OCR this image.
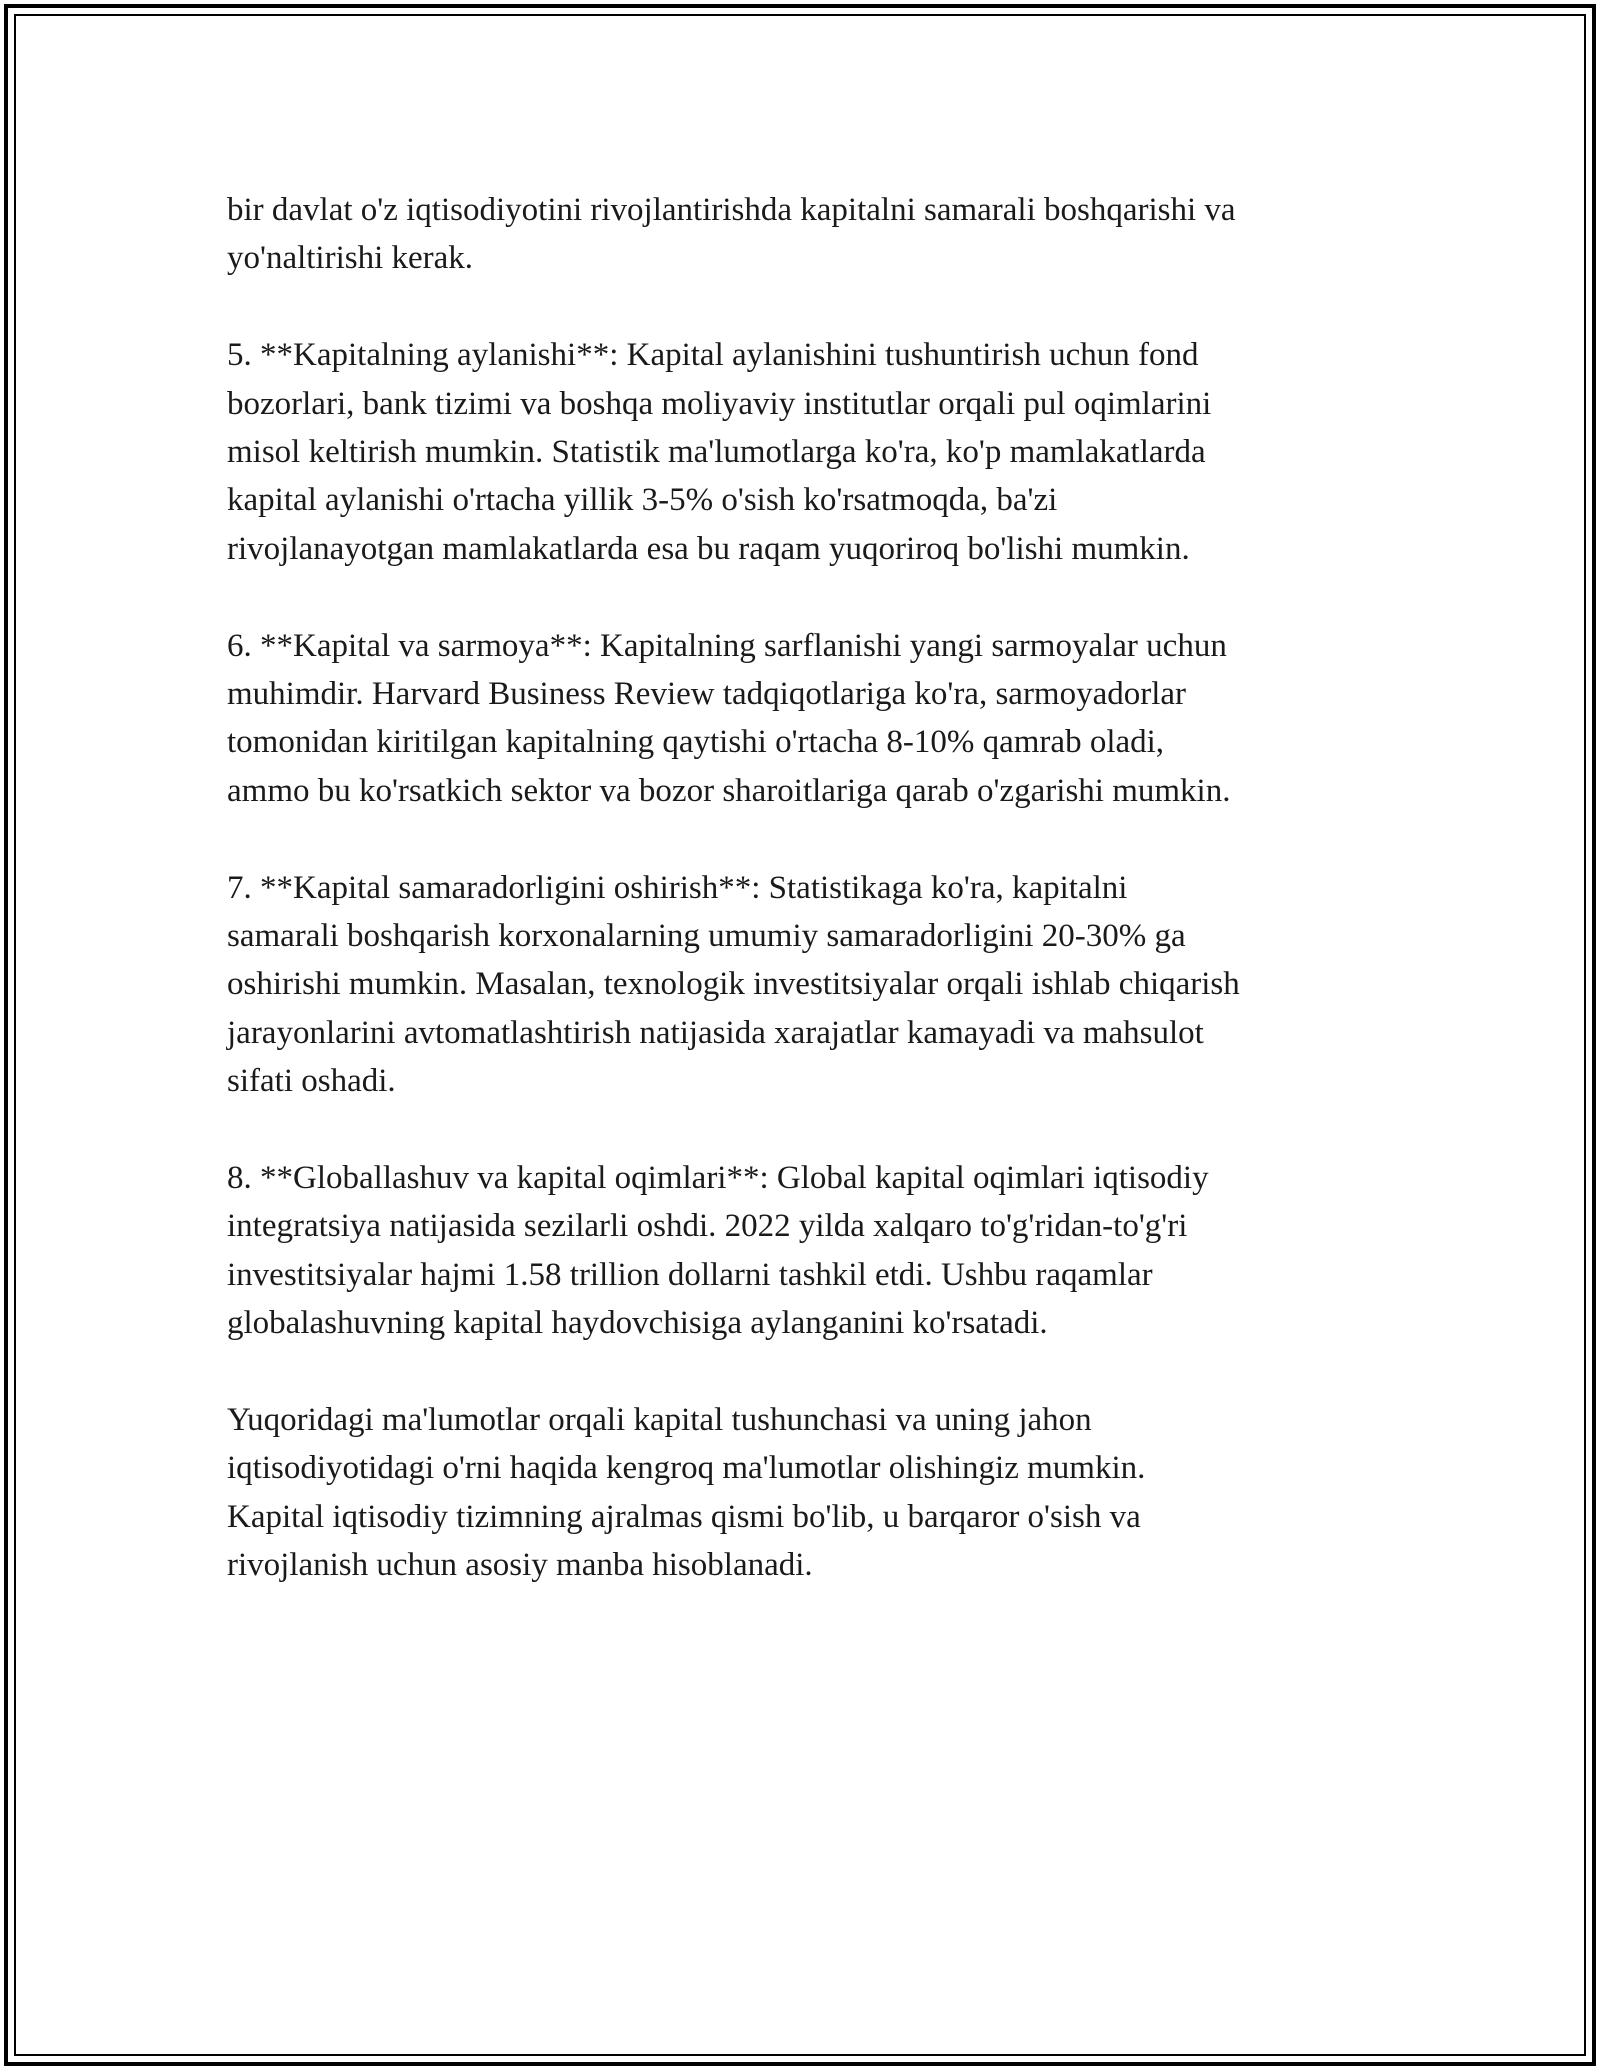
bir davlat o'z iqtisodiyotini rivojlantirishda kapitalni samarali boshqarishi va
yo'naltirishi kerak.

5. **Kapitalning aylanishi**: Kapital aylanishini tushuntirish uchun fond
bozorlari, bank tizimi va boshqa moliyaviy institutlar orqali pul oqimlarini
misol keltirish mumkin. Statistik ma'lumotlarga ko'ra, ko'p mamlakatlarda
kapital aylanishi o'rtacha yillik 3-5% o'sish ko'rsatmoqda, ba'zi
rivojlanayotgan mamlakatlarda esa bu raqam yuqoriroq bo'lishi mumkin.

6. **Kapital va sarmoya**: Kapitalning sarflanishi yangi sarmoyalar uchun
muhimdir. Harvard Business Review tadqiqotlariga ko'ra, sarmoyadorlar
tomonidan kiritilgan kapitalning qaytishi o'rtacha 8-10% qamrab oladi,
ammo bu ko'rsatkich sektor va bozor sharoitlariga qarab o'zgarishi mumkin.

7. **Kapital samaradorligini oshirish**: Statistikaga ko'ra, kapitalni
samarali boshqarish korxonalarning umumiy samaradorligini 20-30% ga
oshirishi mumkin. Masalan, texnologik investitsiyalar orqali ishlab chiqarish
jarayonlarini avtomatlashtirish natijasida xarajatlar kamayadi va mahsulot
sifati oshadi.

8. **Globallashuv va kapital oqimlari**: Global kapital oqimlari iqtisodiy
integratsiya natijasida sezilarli oshdi. 2022 yilda xalqaro to'g'ridan-to'g'ri
investitsiyalar hajmi 1.58 trillion dollarni tashkil etdi. Ushbu raqamlar
globalashuvning kapital haydovchisiga aylanganini ko'rsatadi.

Yuqoridagi ma'lumotlar orqali kapital tushunchasi va uning jahon
iqtisodiyotidagi o'rni haqida kengroq ma'lumotlar olishingiz mumkin.
Kapital iqtisodiy tizimning ajralmas qismi bo'lib, u barqaror o'sish va
rivojlanish uchun asosiy manba hisoblanadi.
